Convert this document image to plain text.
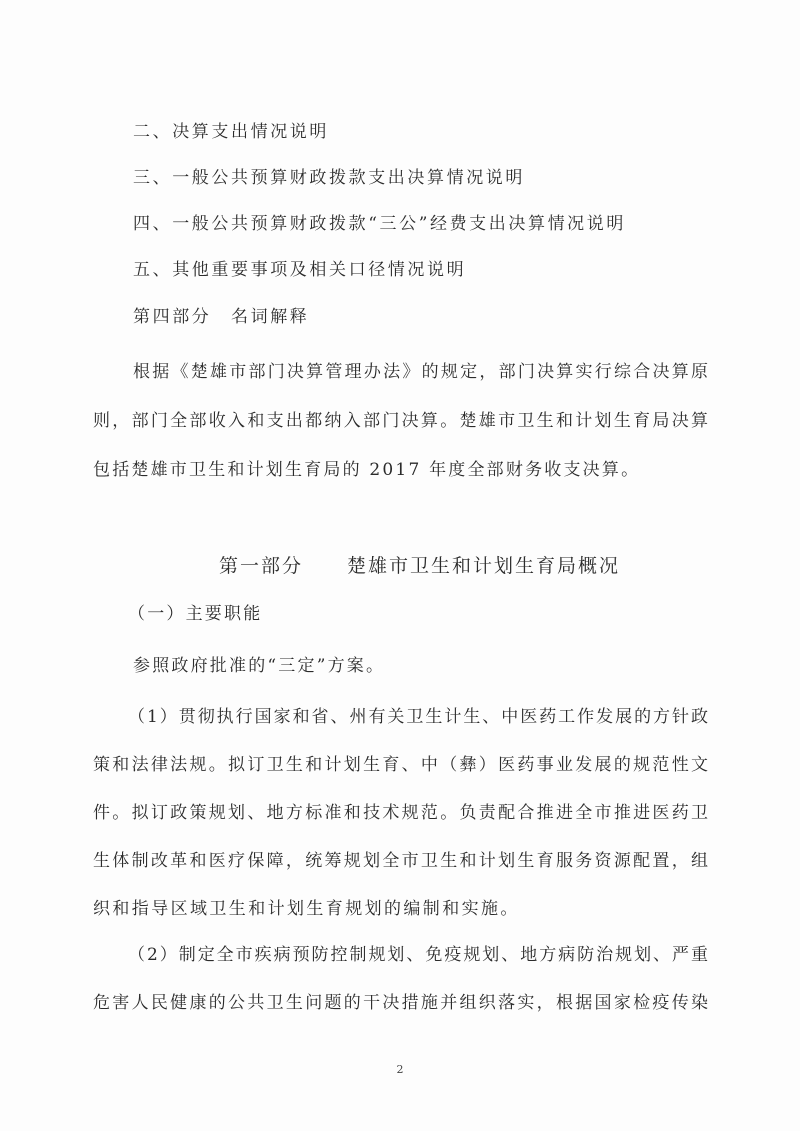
二、决算支出情况说明
三、一般公共预算财政拨款支出决算情况说明
四、一般公共预算财政拨款“三公”经费支出决算情况说明
五、其他重要事项及相关口径情况说明
第四部分　名词解释
根据《楚雄市部门决算管理办法》的规定，部门决算实行综合决算原
则，部门全部收入和支出都纳入部门决算。楚雄市卫生和计划生育局决算
包括楚雄市卫生和计划生育局的 2017 年度全部财务收支决算。
第一部分 楚雄市卫生和计划生育局概况
（一）主要职能
参照政府批准的“三定”方案。
（1）贯彻执行国家和省、州有关卫生计生、中医药工作发展的方针政
策和法律法规。拟订卫生和计划生育、中（彝）医药事业发展的规范性文
件。拟订政策规划、地方标准和技术规范。负责配合推进全市推进医药卫
生体制改革和医疗保障，统筹规划全市卫生和计划生育服务资源配置，组
织和指导区域卫生和计划生育规划的编制和实施。
（2）制定全市疾病预防控制规划、免疫规划、地方病防治规划、严重
危害人民健康的公共卫生问题的干决措施并组织落实，根据国家检疫传染
2
